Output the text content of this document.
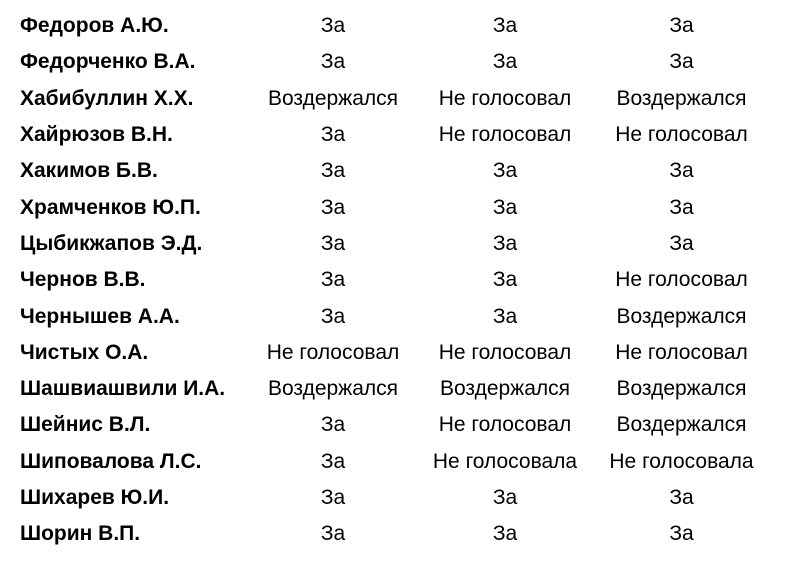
Федоров А.Ю.	За	За	За
Федорченко В.А.	За	За	За
Хабибуллин Х.Х.	Воздержался	Не голосовал	Воздержался
Хайрюзов В.Н.	За	Не голосовал	Не голосовал
Хакимов Б.В.	За	За	За
Храмченков Ю.П.	За	За	За
Цыбикжапов Э.Д.	За	За	За
Чернов В.В.	За	За	Не голосовал
Чернышев А.А.	За	За	Воздержался
Чистых О.А.	Не голосовал	Не голосовал	Не голосовал
Шашвиашвили И.А.	Воздержался	Воздержался	Воздержался
Шейнис В.Л.	За	Не голосовал	Воздержался
Шиповалова Л.С.	За	Не голосовала	Не голосовала
Шихарев Ю.И.	За	За	За
Шорин В.П.	За	За	За
